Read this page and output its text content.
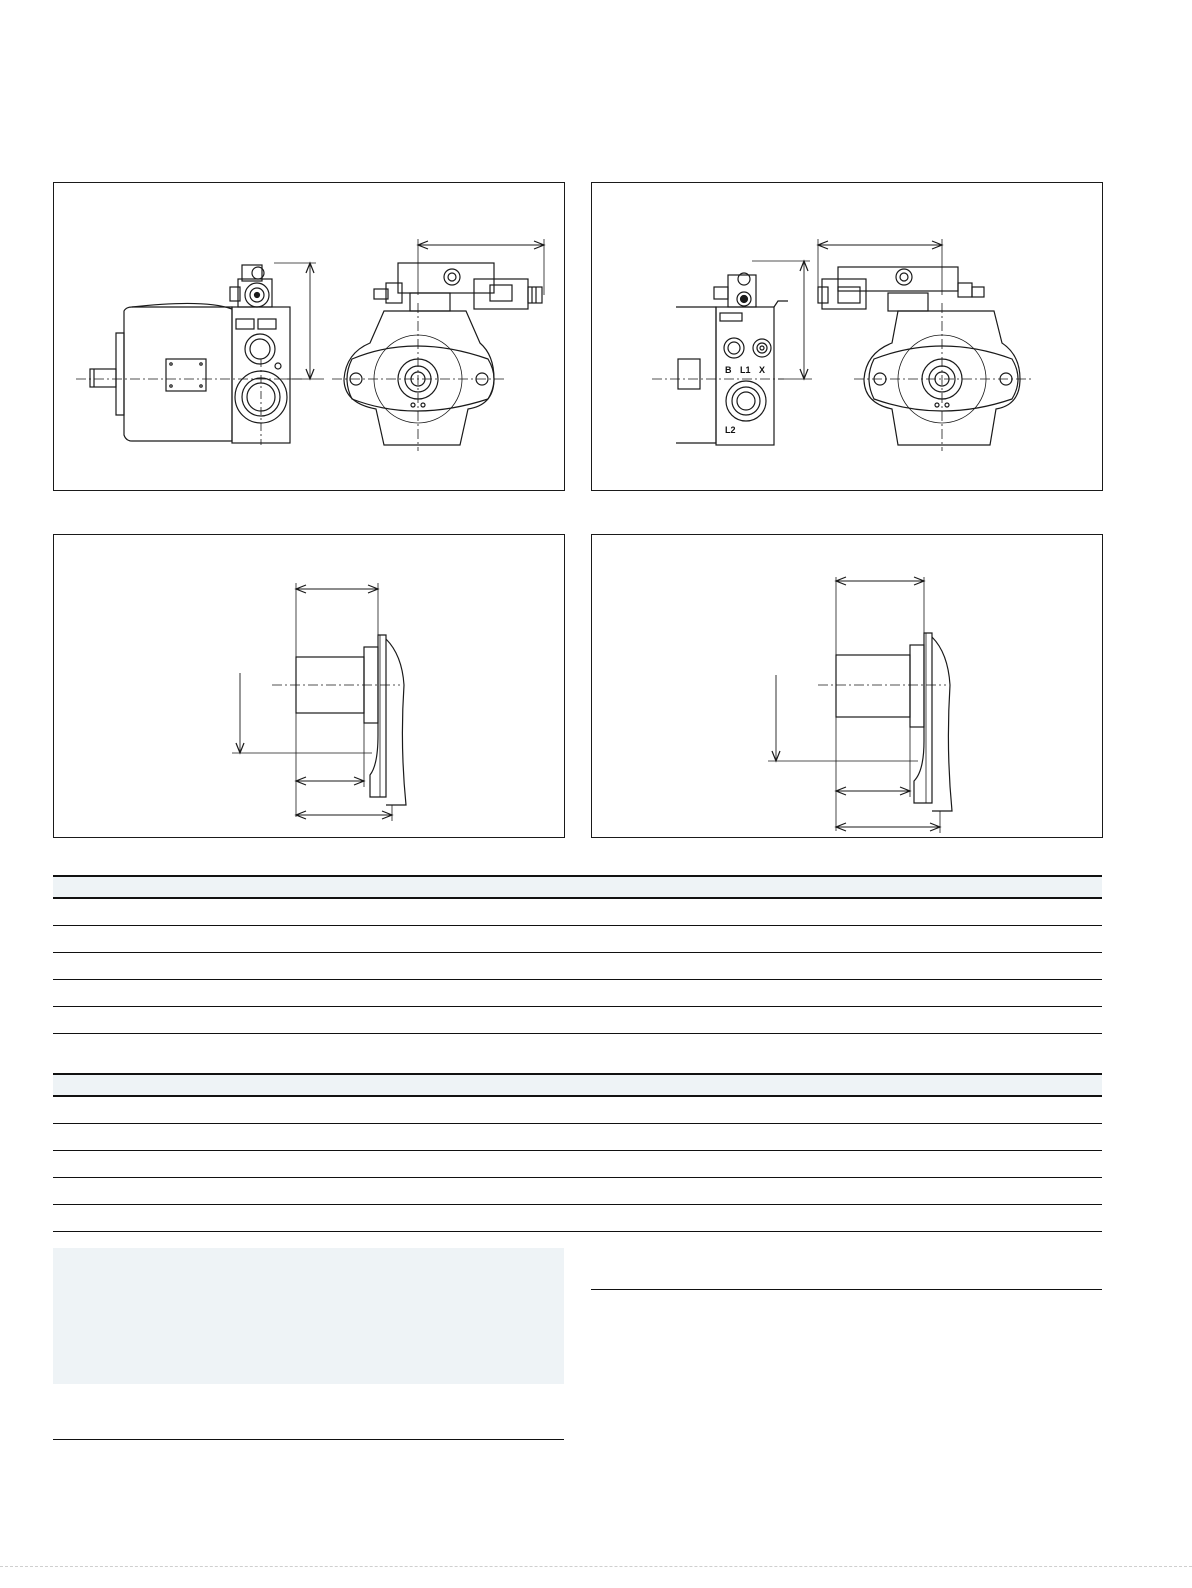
B L1 X
L2
